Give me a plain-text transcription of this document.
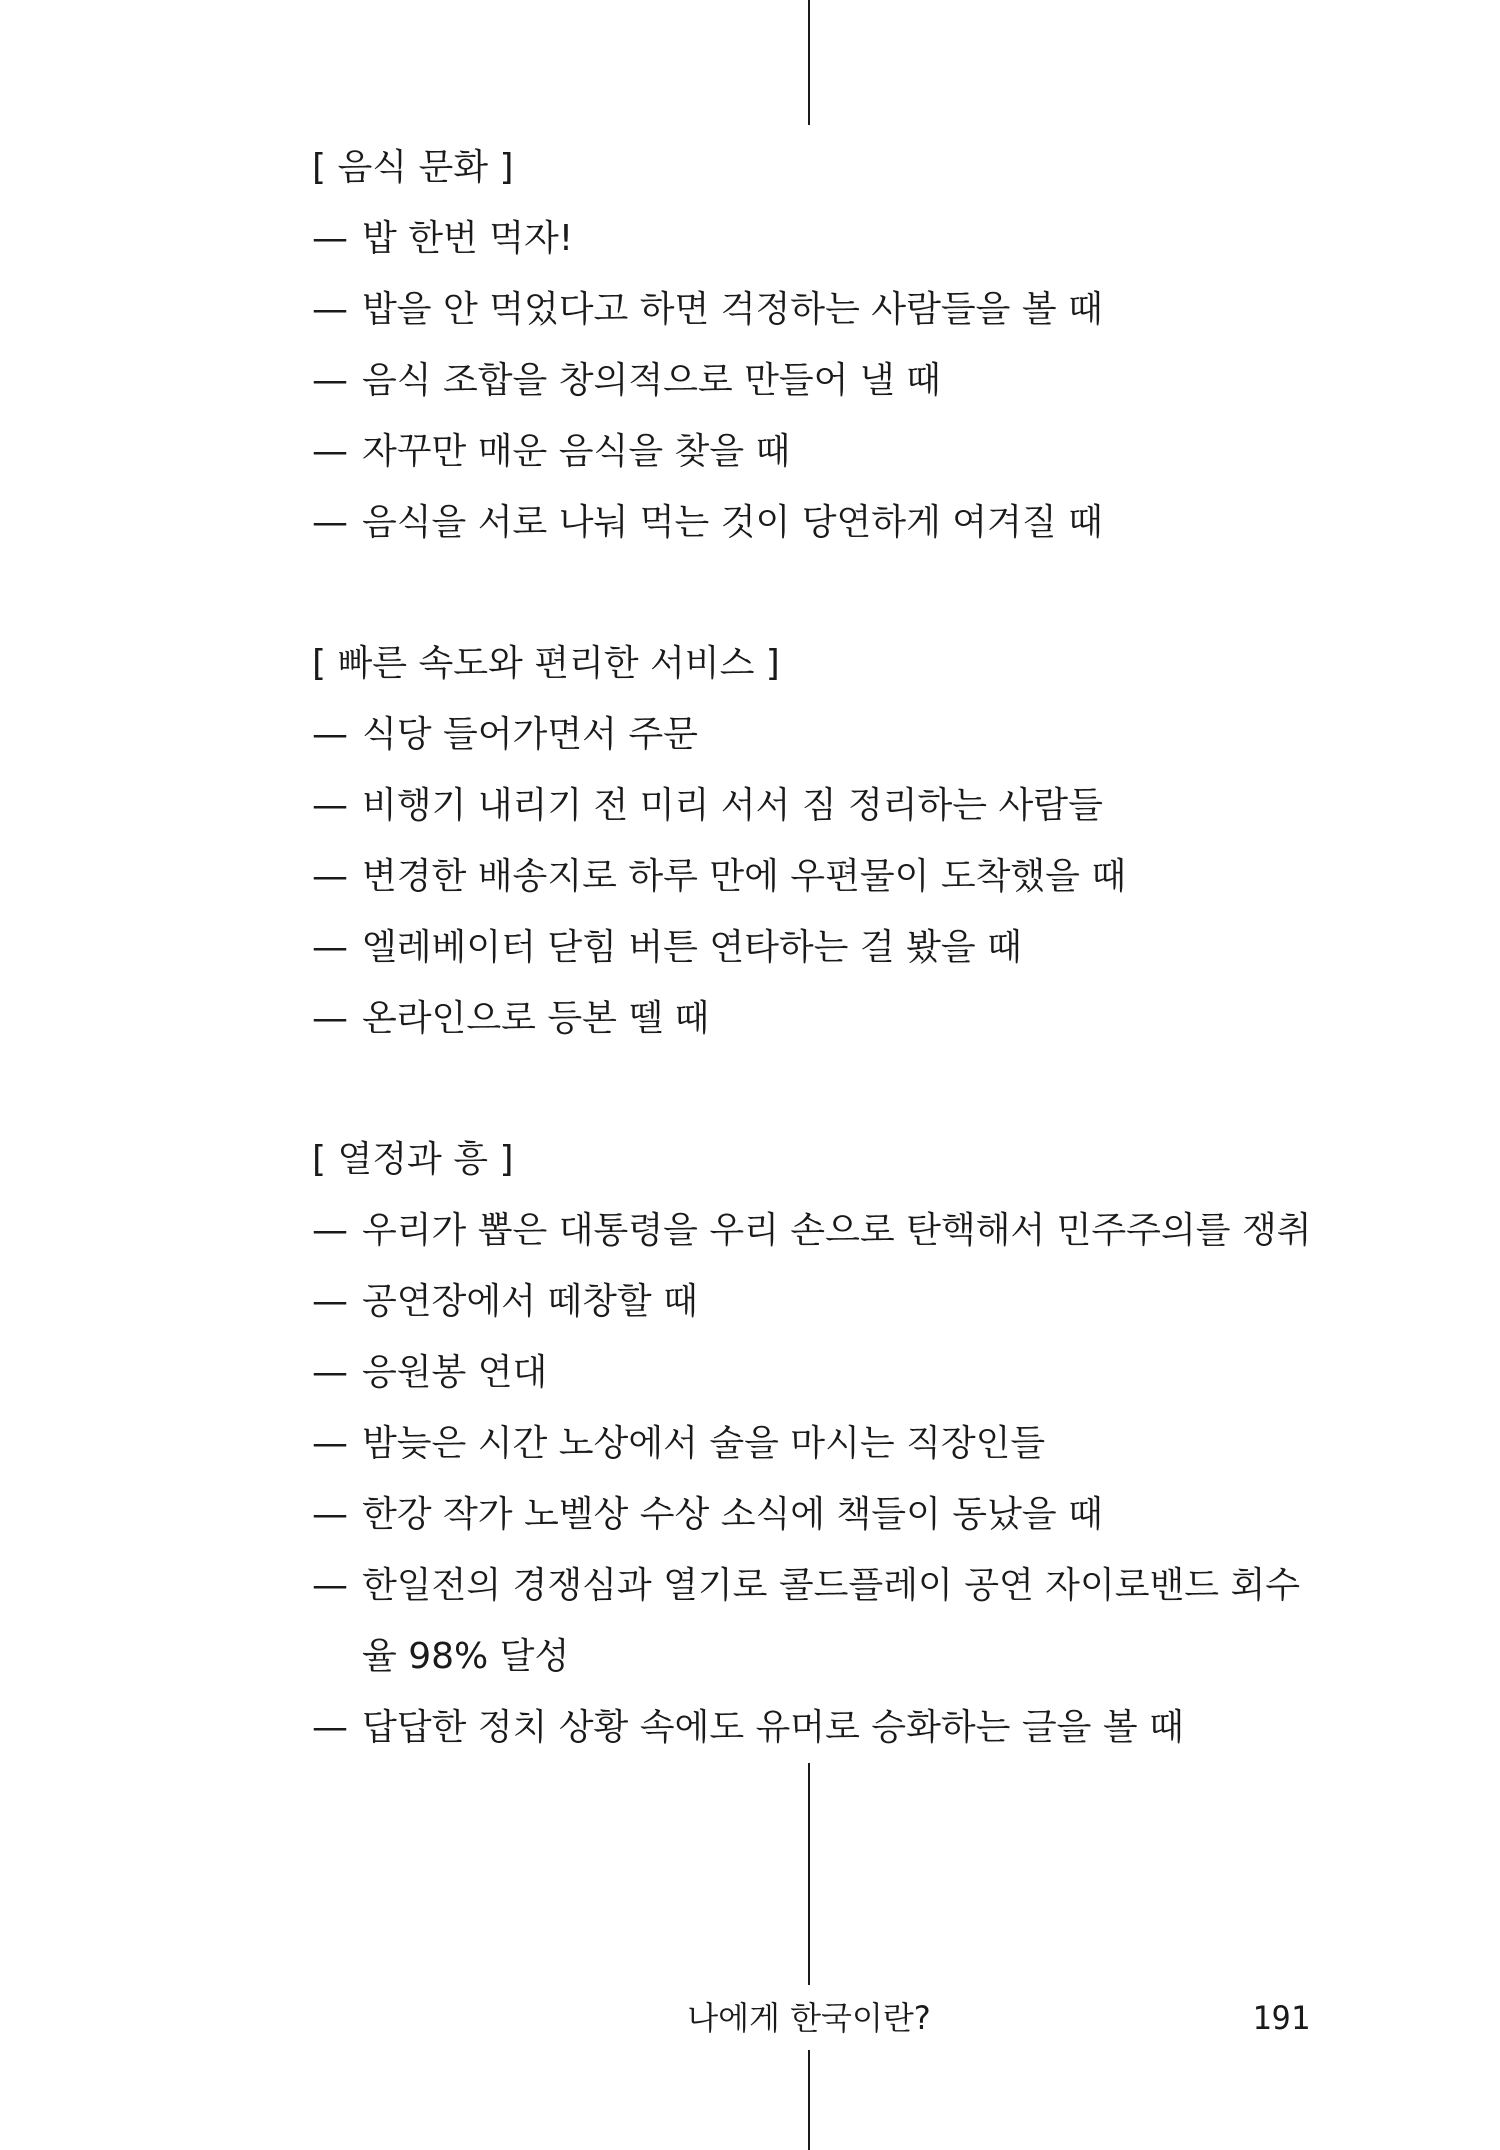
[ 음식 문화 ]
— 밥 한번 먹자!
— 밥을 안 먹었다고 하면 걱정하는 사람들을 볼 때
— 음식 조합을 창의적으로 만들어 낼 때
— 자꾸만 매운 음식을 찾을 때
— 음식을 서로 나눠 먹는 것이 당연하게 여겨질 때
[ 빠른 속도와 편리한 서비스 ]
— 식당 들어가면서 주문
— 비행기 내리기 전 미리 서서 짐 정리하는 사람들
— 변경한 배송지로 하루 만에 우편물이 도착했을 때
— 엘레베이터 닫힘 버튼 연타하는 걸 봤을 때
— 온라인으로 등본 뗄 때
[ 열정과 흥 ]
— 우리가 뽑은 대통령을 우리 손으로 탄핵해서 민주주의를 쟁취
— 공연장에서 떼창할 때
— 응원봉 연대
— 밤늦은 시간 노상에서 술을 마시는 직장인들
— 한강 작가 노벨상 수상 소식에 책들이 동났을 때
— 한일전의 경쟁심과 열기로 콜드플레이 공연 자이로밴드 회수
율 98% 달성
— 답답한 정치 상황 속에도 유머로 승화하는 글을 볼 때
나에게 한국이란?	191
